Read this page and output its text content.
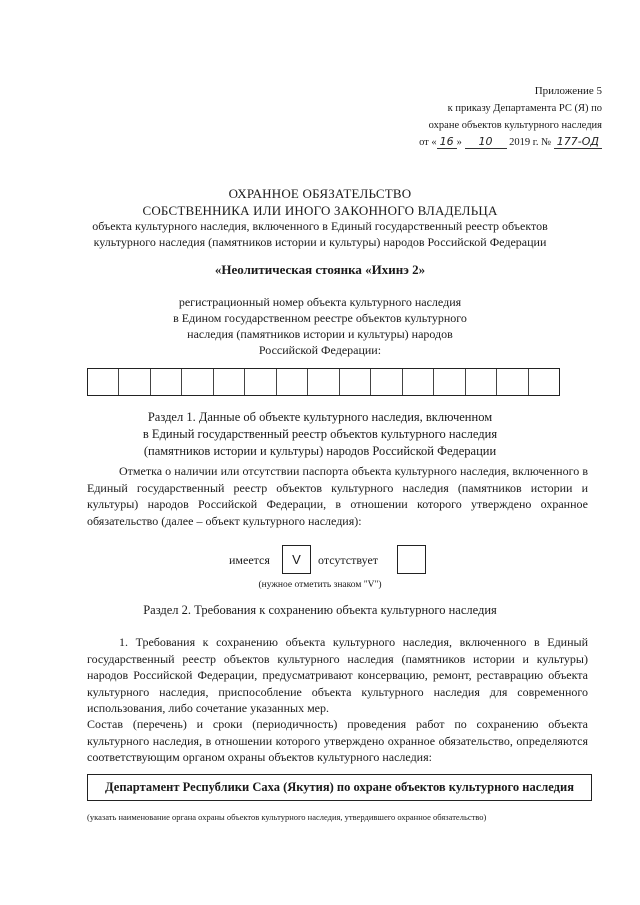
Приложение 5
к приказу Департамента РС (Я) по
охране объектов культурного наследия
от « 16 » 10 2019 г. № 177-ОД
ОХРАННОЕ ОБЯЗАТЕЛЬСТВО
СОБСТВЕННИКА ИЛИ ИНОГО ЗАКОННОГО ВЛАДЕЛЬЦА
объекта культурного наследия, включенного в Единый государственный реестр объектов
культурного наследия (памятников истории и культуры) народов Российской Федерации
«Неолитическая стоянка «Ихинэ 2»
регистрационный номер объекта культурного наследия
в Едином государственном реестре объектов культурного
наследия (памятников истории и культуры) народов
Российской Федерации:
Раздел 1. Данные об объекте культурного наследия, включенном
в Единый государственный реестр объектов культурного наследия
(памятников истории и культуры) народов Российской Федерации
Отметка о наличии или отсутствии паспорта объекта культурного наследия, включенного в Единый государственный реестр объектов культурного наследия (памятников истории и культуры) народов Российской Федерации, в отношении которого утверждено охранное обязательство (далее – объект культурного наследия):
имеется	V	отсутствует
(нужное отметить знаком "V")
Раздел 2. Требования к сохранению объекта культурного наследия
1. Требования к сохранению объекта культурного наследия, включенного в Единый государственный реестр объектов культурного наследия (памятников истории и культуры) народов Российской Федерации, предусматривают консервацию, ремонт, реставрацию объекта культурного наследия, приспособление объекта культурного наследия для современного использования, либо сочетание указанных мер.
Состав (перечень) и сроки (периодичность) проведения работ по сохранению объекта культурного наследия, в отношении которого утверждено охранное обязательство, определяются соответствующим органом охраны объектов культурного наследия:
Департамент Республики Саха (Якутия) по охране объектов культурного наследия
(указать наименование органа охраны объектов культурного наследия, утвердившего охранное обязательство)
